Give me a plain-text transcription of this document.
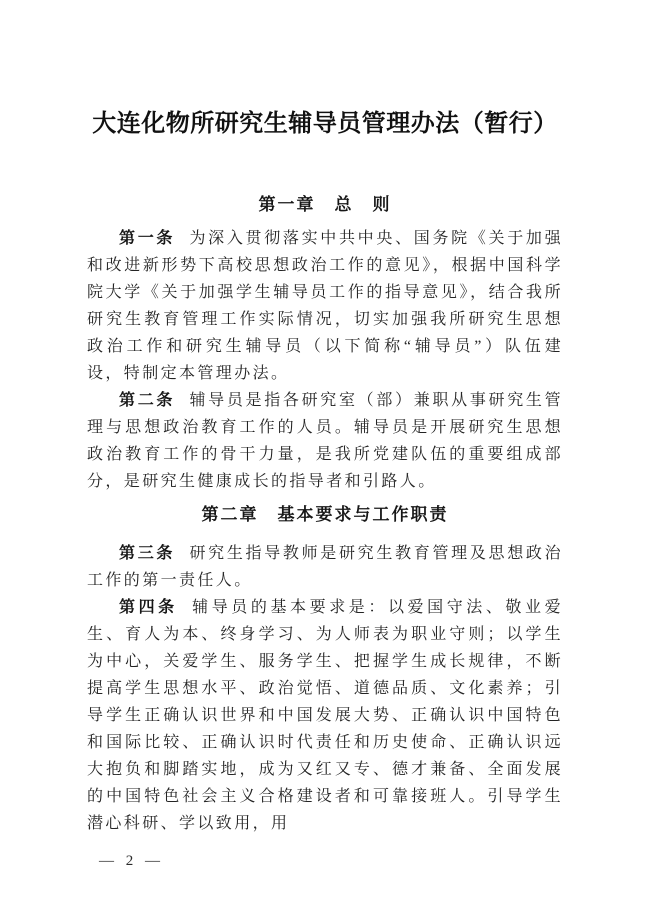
大连化物所研究生辅导员管理办法（暂行）
第一章　总　则

第一条 为深入贯彻落实中共中央、国务院《关于加强和改进新形势下高校思想政治工作的意见》，根据中国科学院大学《关于加强学生辅导员工作的指导意见》，结合我所研究生教育管理工作实际情况，切实加强我所研究生思想政治工作和研究生辅导员（以下简称“辅导员”）队伍建设，特制定本管理办法。

第二条 辅导员是指各研究室（部）兼职从事研究生管理与思想政治教育工作的人员。辅导员是开展研究生思想政治教育工作的骨干力量，是我所党建队伍的重要组成部分，是研究生健康成长的指导者和引路人。

第二章　基本要求与工作职责

第三条 研究生指导教师是研究生教育管理及思想政治工作的第一责任人。

第四条 辅导员的基本要求是：以爱国守法、敬业爱生、育人为本、终身学习、为人师表为职业守则；以学生为中心，关爱学生、服务学生、把握学生成长规律，不断提高学生思想水平、政治觉悟、道德品质、文化素养；引导学生正确认识世界和中国发展大势、正确认识中国特色和国际比较、正确认识时代责任和历史使命、正确认识远大抱负和脚踏实地，成为又红又专、德才兼备、全面发展的中国特色社会主义合格建设者和可靠接班人。引导学生潜心科研、学以致用，用

— 2 —
